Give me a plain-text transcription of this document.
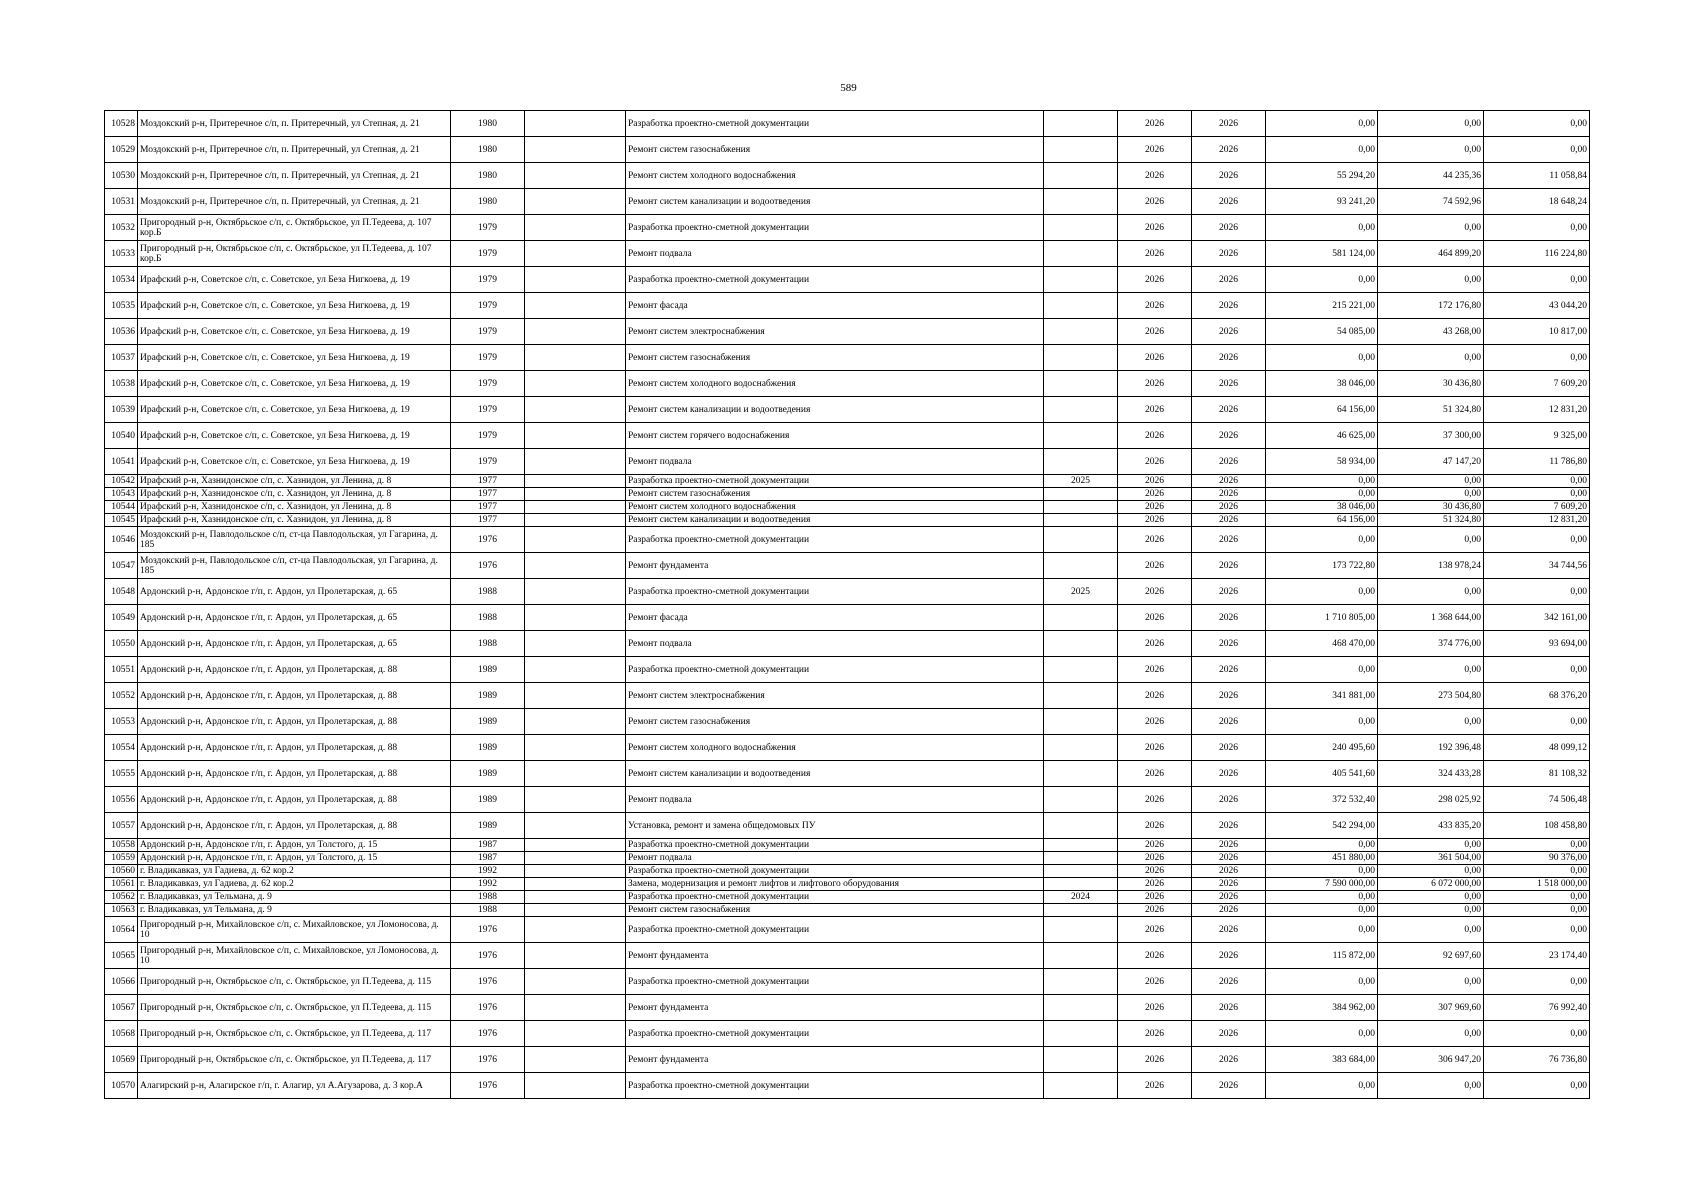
589
10528	Моздокский р-н, Притеречное с/п, п. Притеречный, ул Степная, д. 21	1980		Разработка проектно-сметной документации		2026	2026	0,00	0,00	0,00
10529	Моздокский р-н, Притеречное с/п, п. Притеречный, ул Степная, д. 21	1980		Ремонт систем газоснабжения		2026	2026	0,00	0,00	0,00
10530	Моздокский р-н, Притеречное с/п, п. Притеречный, ул Степная, д. 21	1980		Ремонт систем холодного водоснабжения		2026	2026	55 294,20	44 235,36	11 058,84
10531	Моздокский р-н, Притеречное с/п, п. Притеречный, ул Степная, д. 21	1980		Ремонт систем канализации и водоотведения		2026	2026	93 241,20	74 592,96	18 648,24
10532	Пригородный р-н, Октябрьское с/п, с. Октябрьское, ул П.Тедеева, д. 107 кор.Б	1979		Разработка проектно-сметной документации		2026	2026	0,00	0,00	0,00
10533	Пригородный р-н, Октябрьское с/п, с. Октябрьское, ул П.Тедеева, д. 107 кор.Б	1979		Ремонт подвала		2026	2026	581 124,00	464 899,20	116 224,80
10534	Ирафский р-н, Советское с/п, с. Советское, ул Беза Нигкоева, д. 19	1979		Разработка проектно-сметной документации		2026	2026	0,00	0,00	0,00
10535	Ирафский р-н, Советское с/п, с. Советское, ул Беза Нигкоева, д. 19	1979		Ремонт фасада		2026	2026	215 221,00	172 176,80	43 044,20
10536	Ирафский р-н, Советское с/п, с. Советское, ул Беза Нигкоева, д. 19	1979		Ремонт систем электроснабжения		2026	2026	54 085,00	43 268,00	10 817,00
10537	Ирафский р-н, Советское с/п, с. Советское, ул Беза Нигкоева, д. 19	1979		Ремонт систем газоснабжения		2026	2026	0,00	0,00	0,00
10538	Ирафский р-н, Советское с/п, с. Советское, ул Беза Нигкоева, д. 19	1979		Ремонт систем холодного водоснабжения		2026	2026	38 046,00	30 436,80	7 609,20
10539	Ирафский р-н, Советское с/п, с. Советское, ул Беза Нигкоева, д. 19	1979		Ремонт систем канализации и водоотведения		2026	2026	64 156,00	51 324,80	12 831,20
10540	Ирафский р-н, Советское с/п, с. Советское, ул Беза Нигкоева, д. 19	1979		Ремонт систем горячего водоснабжения		2026	2026	46 625,00	37 300,00	9 325,00
10541	Ирафский р-н, Советское с/п, с. Советское, ул Беза Нигкоева, д. 19	1979		Ремонт подвала		2026	2026	58 934,00	47 147,20	11 786,80
10542	Ирафский р-н, Хазнидонское с/п, с. Хазнидон, ул Ленина, д. 8	1977		Разработка проектно-сметной документации	2025	2026	2026	0,00	0,00	0,00
10543	Ирафский р-н, Хазнидонское с/п, с. Хазнидон, ул Ленина, д. 8	1977		Ремонт систем газоснабжения		2026	2026	0,00	0,00	0,00
10544	Ирафский р-н, Хазнидонское с/п, с. Хазнидон, ул Ленина, д. 8	1977		Ремонт систем холодного водоснабжения		2026	2026	38 046,00	30 436,80	7 609,20
10545	Ирафский р-н, Хазнидонское с/п, с. Хазнидон, ул Ленина, д. 8	1977		Ремонт систем канализации и водоотведения		2026	2026	64 156,00	51 324,80	12 831,20
10546	Моздокский р-н, Павлодольское с/п, ст-ца Павлодольская, ул Гагарина, д. 185	1976		Разработка проектно-сметной документации		2026	2026	0,00	0,00	0,00
10547	Моздокский р-н, Павлодольское с/п, ст-ца Павлодольская, ул Гагарина, д. 185	1976		Ремонт фундамента		2026	2026	173 722,80	138 978,24	34 744,56
10548	Ардонский р-н, Ардонское г/п, г. Ардон, ул Пролетарская, д. 65	1988		Разработка проектно-сметной документации	2025	2026	2026	0,00	0,00	0,00
10549	Ардонский р-н, Ардонское г/п, г. Ардон, ул Пролетарская, д. 65	1988		Ремонт фасада		2026	2026	1 710 805,00	1 368 644,00	342 161,00
10550	Ардонский р-н, Ардонское г/п, г. Ардон, ул Пролетарская, д. 65	1988		Ремонт подвала		2026	2026	468 470,00	374 776,00	93 694,00
10551	Ардонский р-н, Ардонское г/п, г. Ардон, ул Пролетарская, д. 88	1989		Разработка проектно-сметной документации		2026	2026	0,00	0,00	0,00
10552	Ардонский р-н, Ардонское г/п, г. Ардон, ул Пролетарская, д. 88	1989		Ремонт систем электроснабжения		2026	2026	341 881,00	273 504,80	68 376,20
10553	Ардонский р-н, Ардонское г/п, г. Ардон, ул Пролетарская, д. 88	1989		Ремонт систем газоснабжения		2026	2026	0,00	0,00	0,00
10554	Ардонский р-н, Ардонское г/п, г. Ардон, ул Пролетарская, д. 88	1989		Ремонт систем холодного водоснабжения		2026	2026	240 495,60	192 396,48	48 099,12
10555	Ардонский р-н, Ардонское г/п, г. Ардон, ул Пролетарская, д. 88	1989		Ремонт систем канализации и водоотведения		2026	2026	405 541,60	324 433,28	81 108,32
10556	Ардонский р-н, Ардонское г/п, г. Ардон, ул Пролетарская, д. 88	1989		Ремонт подвала		2026	2026	372 532,40	298 025,92	74 506,48
10557	Ардонский р-н, Ардонское г/п, г. Ардон, ул Пролетарская, д. 88	1989		Установка, ремонт и замена общедомовых ПУ		2026	2026	542 294,00	433 835,20	108 458,80
10558	Ардонский р-н, Ардонское г/п, г. Ардон, ул Толстого, д. 15	1987		Разработка проектно-сметной документации		2026	2026	0,00	0,00	0,00
10559	Ардонский р-н, Ардонское г/п, г. Ардон, ул Толстого, д. 15	1987		Ремонт подвала		2026	2026	451 880,00	361 504,00	90 376,00
10560	г. Владикавказ, ул Гадиева, д. 62 кор.2	1992		Разработка проектно-сметной документации		2026	2026	0,00	0,00	0,00
10561	г. Владикавказ, ул Гадиева, д. 62 кор.2	1992		Замена, модернизация и ремонт лифтов и лифтового оборудования		2026	2026	7 590 000,00	6 072 000,00	1 518 000,00
10562	г. Владикавказ, ул Тельмана, д. 9	1988		Разработка проектно-сметной документации	2024	2026	2026	0,00	0,00	0,00
10563	г. Владикавказ, ул Тельмана, д. 9	1988		Ремонт систем газоснабжения		2026	2026	0,00	0,00	0,00
10564	Пригородный р-н, Михайловское с/п, с. Михайловское, ул Ломоносова, д. 10	1976		Разработка проектно-сметной документации		2026	2026	0,00	0,00	0,00
10565	Пригородный р-н, Михайловское с/п, с. Михайловское, ул Ломоносова, д. 10	1976		Ремонт фундамента		2026	2026	115 872,00	92 697,60	23 174,40
10566	Пригородный р-н, Октябрьское с/п, с. Октябрьское, ул П.Тедеева, д. 115	1976		Разработка проектно-сметной документации		2026	2026	0,00	0,00	0,00
10567	Пригородный р-н, Октябрьское с/п, с. Октябрьское, ул П.Тедеева, д. 115	1976		Ремонт фундамента		2026	2026	384 962,00	307 969,60	76 992,40
10568	Пригородный р-н, Октябрьское с/п, с. Октябрьское, ул П.Тедеева, д. 117	1976		Разработка проектно-сметной документации		2026	2026	0,00	0,00	0,00
10569	Пригородный р-н, Октябрьское с/п, с. Октябрьское, ул П.Тедеева, д. 117	1976		Ремонт фундамента		2026	2026	383 684,00	306 947,20	76 736,80
10570	Алагирский р-н, Алагирское г/п, г. Алагир, ул А.Агузарова, д. 3 кор.А	1976		Разработка проектно-сметной документации		2026	2026	0,00	0,00	0,00
